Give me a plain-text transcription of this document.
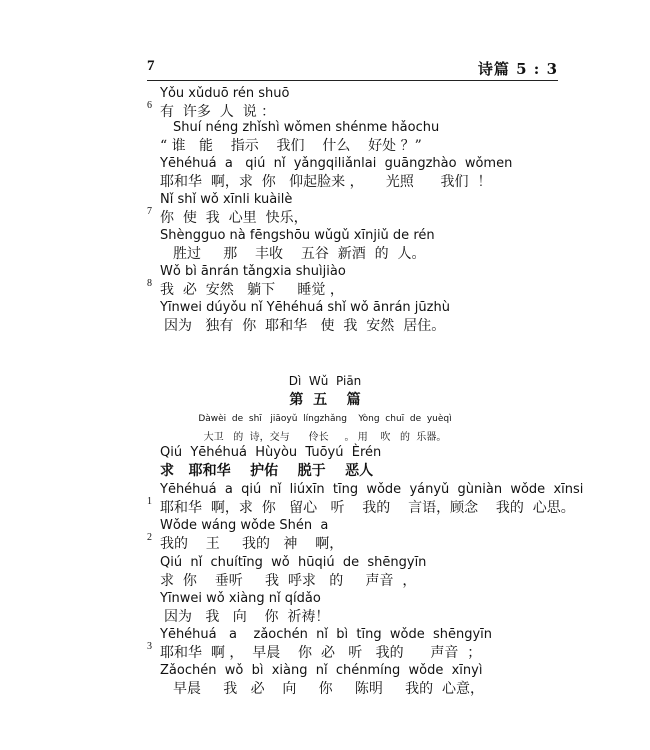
7	诗篇 5 : 3
Yǒu xǔduō rén shuō
6 有  许多  人  说 ：
Shuí néng zhǐshì wǒmen shénme hǎochu
“ 谁   能    指示    我们    什么    好处 ？”
Yēhéhuá  a   qiú  nǐ  yǎngqiliǎnlai  guāngzhào  wǒmen
耶和华  啊，求  你   仰起脸来 ，     光照      我们  ！
Nǐ shǐ wǒ xīnli kuàilè
7 你  使  我  心里  快乐，
Shèngguo nà fēngshōu wǔgǔ xīnjiǔ de rén
胜过     那    丰收    五谷  新酒  的  人。
Wǒ bì ānrán tǎngxia shuìjiào
8 我  必  安然   躺下     睡觉 ，
Yīnwei dúyǒu nǐ Yēhéhuá shǐ wǒ ānrán jūzhù
因为   独有  你  耶和华   使  我  安然  居住。
Dì  Wǔ  Piān
第  五    篇
Dàwèi  de  shī   jiāoyǔ  língzhǎng    Yòng  chuī  de  yuèqì
大卫   的  诗，交与      伶长     。 用    吹   的  乐器。
Qiú  Yēhéhuá  Hùyòu  Tuōyú  Èrén
求   耶和华    护佑    脱于    恶人
Yēhéhuá  a  qiú  nǐ  liúxīn  tīng  wǒde  yányǔ  gùniàn  wǒde  xīnsi
1 耶和华  啊，求  你   留心   听    我的    言语，顾念    我的  心思。
Wǒde wáng wǒde Shén  a
2 我的    王     我的   神    啊，
Qiú  nǐ  chuítīng  wǒ  hūqiú  de  shēngyīn
求  你    垂听     我  呼求   的     声音  ，
Yīnwei wǒ xiàng nǐ qídǎo
因为   我   向    你  祈祷！
Yēhéhuá   a    zǎochén  nǐ  bì  tīng  wǒde  shēngyīn
3 耶和华  啊 ，  早晨    你  必   听   我的      声音  ；
Zǎochén  wǒ  bì  xiàng  nǐ  chénmíng  wǒde  xīnyì
早晨     我   必    向     你     陈明     我的  心意，
